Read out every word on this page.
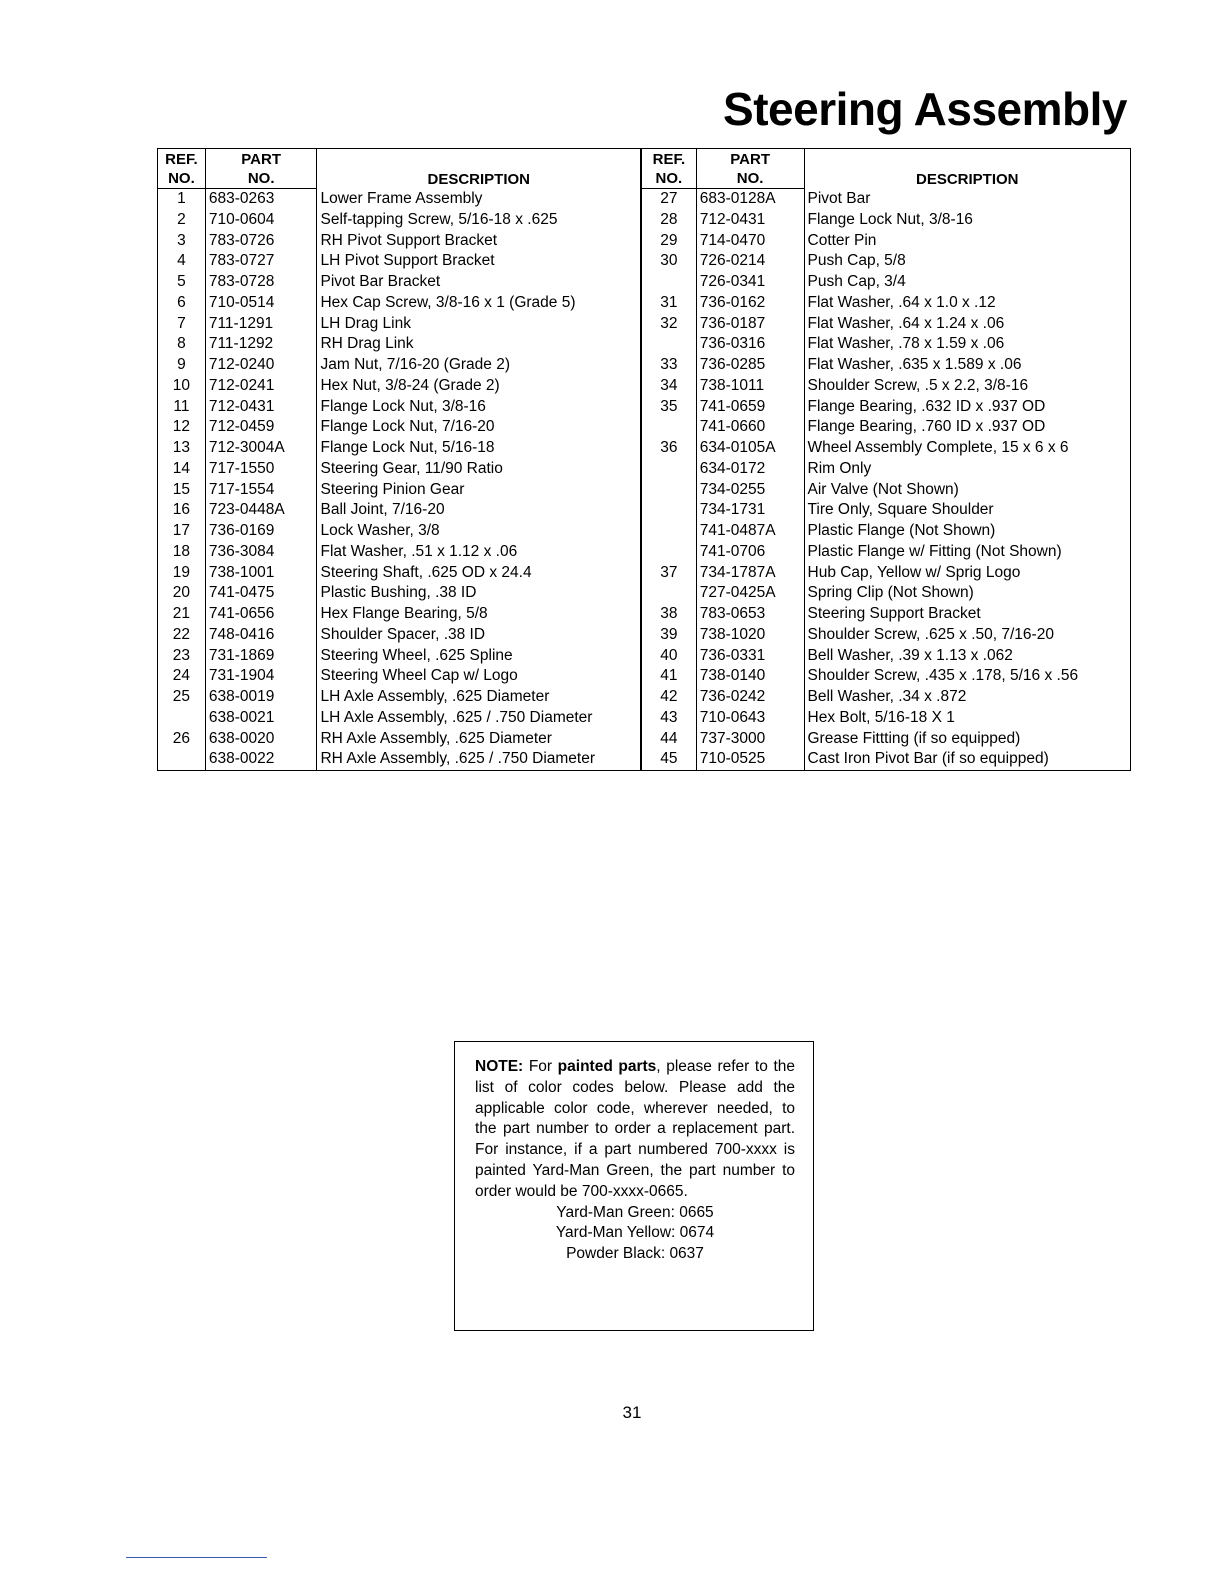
Steering Assembly
REF.	PART	DESCRIPTION
NO.	NO.	
1	683-0263	Lower Frame Assembly
2	710-0604	Self-tapping Screw, 5/16-18 x .625
3	783-0726	RH Pivot Support Bracket
4	783-0727	LH Pivot Support Bracket
5	783-0728	Pivot Bar Bracket
6	710-0514	Hex Cap Screw, 3/8-16 x 1 (Grade 5)
7	711-1291	LH Drag Link
8	711-1292	RH Drag Link
9	712-0240	Jam Nut, 7/16-20 (Grade 2)
10	712-0241	Hex Nut, 3/8-24 (Grade 2)
11	712-0431	Flange Lock Nut, 3/8-16
12	712-0459	Flange Lock Nut, 7/16-20
13	712-3004A	Flange Lock Nut, 5/16-18
14	717-1550	Steering Gear, 11/90 Ratio
15	717-1554	Steering Pinion Gear
16	723-0448A	Ball Joint, 7/16-20
17	736-0169	Lock Washer, 3/8
18	736-3084	Flat Washer, .51 x 1.12 x .06
19	738-1001	Steering Shaft, .625 OD x 24.4
20	741-0475	Plastic Bushing, .38 ID
21	741-0656	Hex Flange Bearing, 5/8
22	748-0416	Shoulder Spacer, .38 ID
23	731-1869	Steering Wheel, .625 Spline
24	731-1904	Steering Wheel Cap w/ Logo
25	638-0019	LH Axle Assembly, .625 Diameter
	638-0021	LH Axle Assembly, .625 / .750 Diameter
26	638-0020	RH Axle Assembly, .625 Diameter
	638-0022	RH Axle Assembly, .625 / .750 Diameter
REF.	PART	DESCRIPTION
NO.	NO.	
27	683-0128A	Pivot Bar
28	712-0431	Flange Lock Nut, 3/8-16
29	714-0470	Cotter Pin
30	726-0214	Push Cap, 5/8
	726-0341	Push Cap, 3/4
31	736-0162	Flat Washer, .64 x 1.0 x .12
32	736-0187	Flat Washer, .64 x 1.24 x .06
	736-0316	Flat Washer, .78 x 1.59 x .06
33	736-0285	Flat Washer, .635 x 1.589 x .06
34	738-1011	Shoulder Screw, .5 x 2.2, 3/8-16
35	741-0659	Flange Bearing, .632 ID x .937 OD
	741-0660	Flange Bearing, .760 ID x .937 OD
36	634-0105A	Wheel Assembly Complete, 15 x 6 x 6
	634-0172	Rim Only
	734-0255	Air Valve (Not Shown)
	734-1731	Tire Only, Square Shoulder
	741-0487A	Plastic Flange (Not Shown)
	741-0706	Plastic Flange w/ Fitting (Not Shown)
37	734-1787A	Hub Cap, Yellow w/ Sprig Logo
	727-0425A	Spring Clip (Not Shown)
38	783-0653	Steering Support Bracket
39	738-1020	Shoulder Screw, .625 x .50, 7/16-20
40	736-0331	Bell Washer, .39 x 1.13 x .062
41	738-0140	Shoulder Screw, .435 x .178, 5/16 x .56
42	736-0242	Bell Washer, .34 x .872
43	710-0643	Hex Bolt, 5/16-18 X 1
44	737-3000	Grease Fittting (if so equipped)
45	710-0525	Cast Iron Pivot Bar (if so equipped)

NOTE: For painted parts, please refer to the list of color codes below. Please add the applicable color code, wherever needed, to the part number to order a replacement part. For instance, if a part numbered 700-xxxx is painted Yard-Man Green, the part number to order would be 700-xxxx-0665.

Yard-Man Green: 0665
Yard-Man Yellow: 0674
Powder Black: 0637
31
